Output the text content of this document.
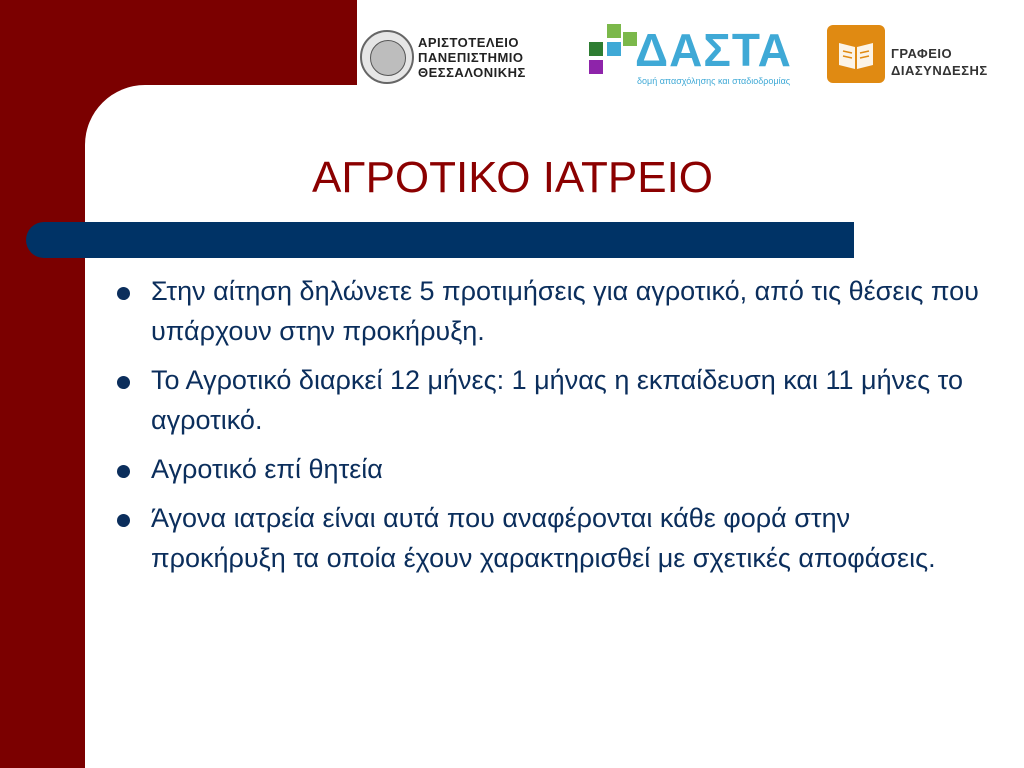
ΑΡΙΣΤΟΤΕΛΕΙΟ
ΠΑΝΕΠΙΣΤΗΜΙΟ
ΘΕΣΣΑΛΟΝΙΚΗΣ ΔΑΣΤΑ
δομή απασχόλησης και σταδιοδρομίας
ΓΡΑΦΕΙΟ
ΔΙΑΣΥΝΔΕΣΗΣ
ΑΓΡΟΤΙΚΟ ΙΑΤΡΕΙΟ
Στην αίτηση δηλώνετε 5 προτιμήσεις για αγροτικό, από τις θέσεις που υπάρχουν στην προκήρυξη.
Το Αγροτικό διαρκεί 12 μήνες: 1 μήνας η εκπαίδευση και 11 μήνες το αγροτικό.
Αγροτικό επί θητεία
Άγονα ιατρεία είναι αυτά που αναφέρονται κάθε φορά στην προκήρυξη τα οποία έχουν χαρακτηρισθεί με σχετικές αποφάσεις.
